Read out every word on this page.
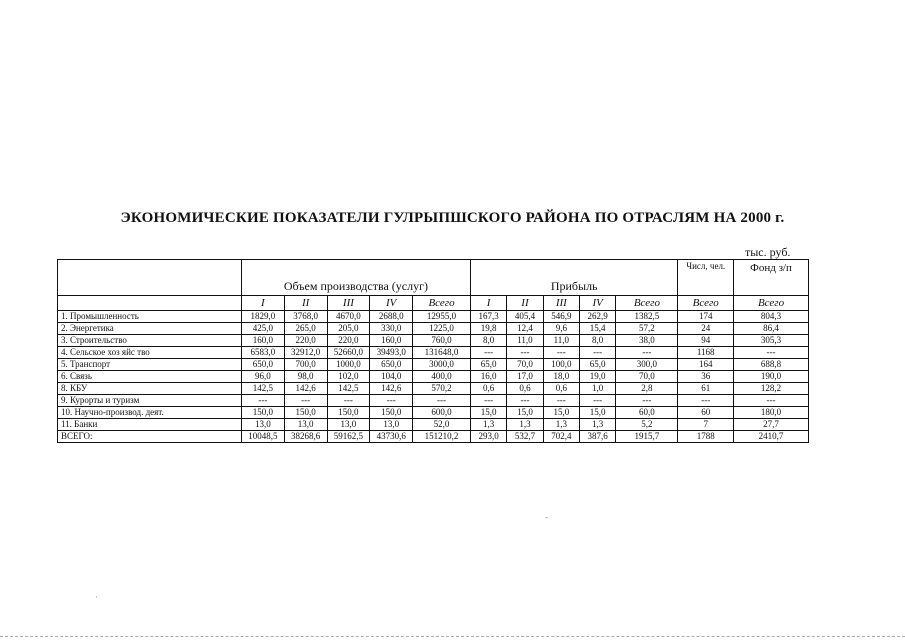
ЭКОНОМИЧЕСКИЕ ПОКАЗАТЕЛИ ГУЛРЫПШСКОГО РАЙОНА ПО ОТРАСЛЯМ НА 2000 г.
тыс. руб.
	Объем производства (услуг)					Прибыль					Числ, чел.	Фонд з/п
	I	II	III	IV	Всего	I	II	III	IV	Всего	Всего	Всего
1. Промышленность	1829,0	3768,0	4670,0	2688,0	12955,0	167,3	405,4	546,9	262,9	1382,5	174	804,3
2. Энергетика	425,0	265,0	205,0	330,0	1225,0	19,8	12,4	9,6	15,4	57,2	24	86,4
3. Строительство	160,0	220,0	220,0	160,0	760,0	8,0	11,0	11,0	8,0	38,0	94	305,3
4. Сельское хоз яйс тво	6583,0	32912,0	52660,0	39493,0	131648,0	---	---	---	---	---	1168	---
5. Транспорт	650,0	700,0	1000,0	650,0	3000,0	65,0	70,0	100,0	65,0	300,0	164	688,8
6. Связь	96,0	98,0	102,0	104,0	400,0	16,0	17,0	18,0	19,0	70,0	36	190,0
8. КБУ	142,5	142,6	142,5	142,6	570,2	0,6	0,6	0,6	1,0	2,8	61	128,2
9. Курорты и туризм	---	---	---	---	---	---	---	---	---	---	---	---
10. Научно-производ. деят.	150,0	150,0	150,0	150,0	600,0	15,0	15,0	15,0	15,0	60,0	60	180,0
11. Банки	13,0	13,0	13,0	13,0	52,0	1,3	1,3	1,3	1,3	5,2	7	27,7
ВСЕГО:	10048,5	38268,6	59162,5	43730,6	151210,2	293,0	532,7	702,4	387,6	1915,7	1788	2410,7
·
-
